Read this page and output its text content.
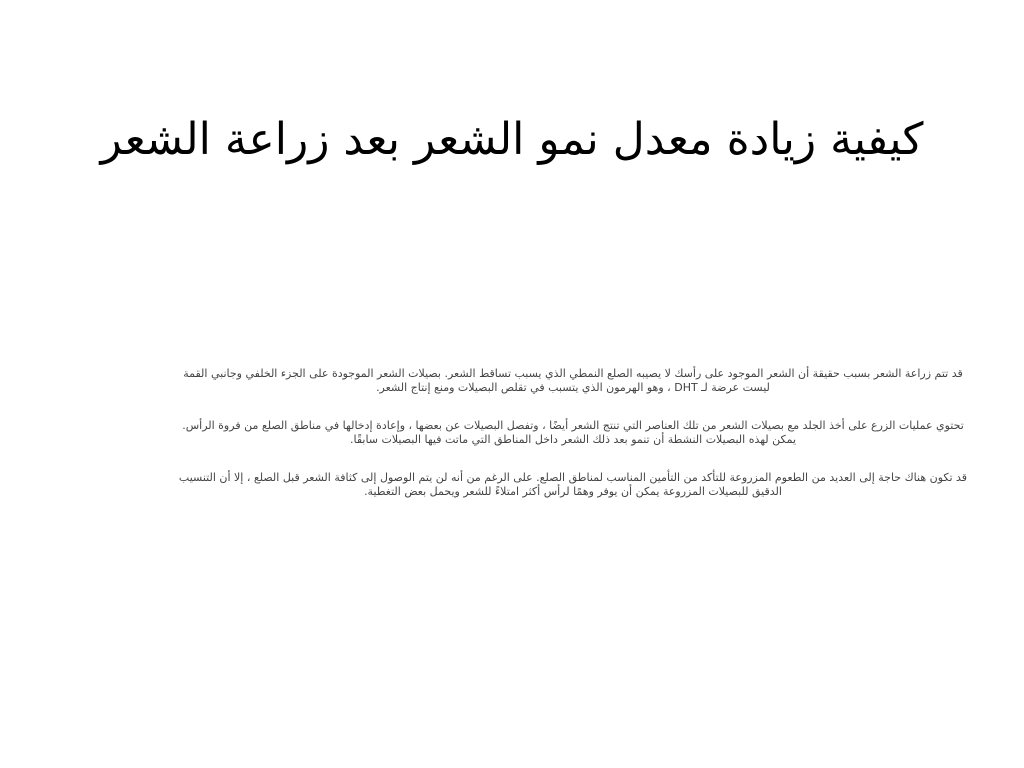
كيفية زيادة معدل نمو الشعر بعد زراعة الشعر

قد تتم زراعة الشعر بسبب حقيقة أن الشعر الموجود على رأسك لا يصيبه الصلع النمطي الذي يسبب تساقط الشعر. بصيلات الشعر الموجودة على الجزء الخلفي وجانبي القمة ليست عرضة لـ DHT ، وهو الهرمون الذي يتسبب في تقلص البصيلات ومنع إنتاج الشعر.

تحتوي عمليات الزرع على أخذ الجلد مع بصيلات الشعر من تلك العناصر التي تنتج الشعر أيضًا ، وتفصل البصيلات عن بعضها ، وإعادة إدخالها في مناطق الصلع من فروة الرأس. يمكن لهذه البصيلات النشطة أن تنمو بعد ذلك الشعر داخل المناطق التي ماتت فيها البصيلات سابقًا.

قد تكون هناك حاجة إلى العديد من الطعوم المزروعة للتأكد من التأمين المناسب لمناطق الصلع. على الرغم من أنه لن يتم الوصول إلى كثافة الشعر قبل الصلع ، إلا أن التنسيب الدقيق للبصيلات المزروعة يمكن أن يوفر وهمًا لرأس أكثر امتلاءً للشعر ويحمل بعض التغطية.
